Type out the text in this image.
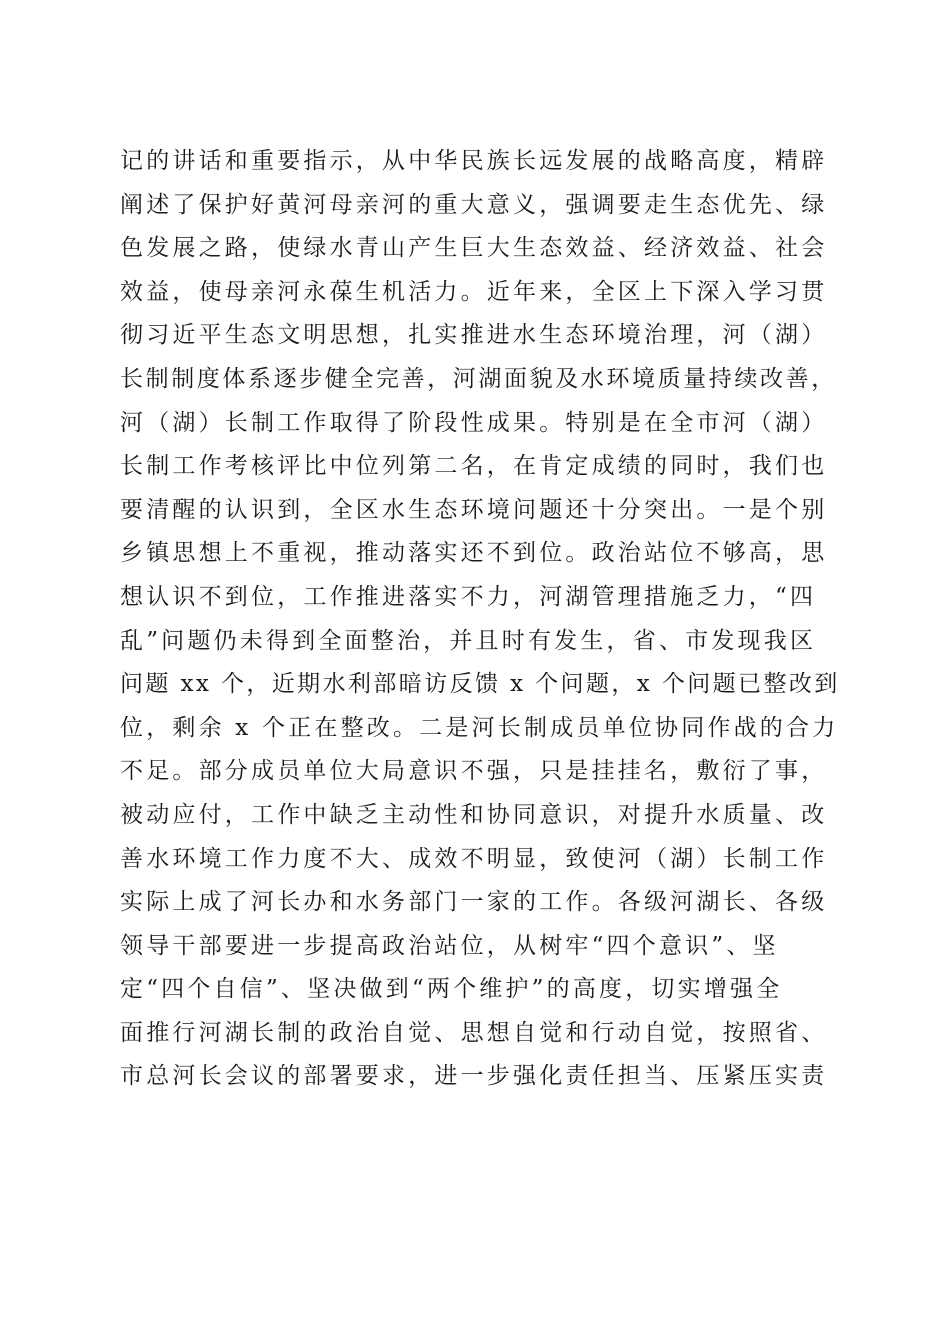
记的讲话和重要指示，从中华民族长远发展的战略高度，精辟
阐述了保护好黄河母亲河的重大意义，强调要走生态优先、绿
色发展之路，使绿水青山产生巨大生态效益、经济效益、社会
效益，使母亲河永葆生机活力。近年来，全区上下深入学习贯
彻习近平生态文明思想，扎实推进水生态环境治理，河（湖）
长制制度体系逐步健全完善，河湖面貌及水环境质量持续改善，
河（湖）长制工作取得了阶段性成果。特别是在全市河（湖）
长制工作考核评比中位列第二名，在肯定成绩的同时，我们也
要清醒的认识到，全区水生态环境问题还十分突出。一是个别
乡镇思想上不重视，推动落实还不到位。政治站位不够高，思
想认识不到位，工作推进落实不力，河湖管理措施乏力，“四
乱”问题仍未得到全面整治，并且时有发生，省、市发现我区
问题 xx 个，近期水利部暗访反馈 x 个问题，x 个问题已整改到
位，剩余 x 个正在整改。二是河长制成员单位协同作战的合力
不足。部分成员单位大局意识不强，只是挂挂名，敷衍了事，
被动应付，工作中缺乏主动性和协同意识，对提升水质量、改
善水环境工作力度不大、成效不明显，致使河（湖）长制工作
实际上成了河长办和水务部门一家的工作。各级河湖长、各级
领导干部要进一步提高政治站位，从树牢“四个意识”、坚
定“四个自信”、坚决做到“两个维护”的高度，切实增强全
面推行河湖长制的政治自觉、思想自觉和行动自觉，按照省、
市总河长会议的部署要求，进一步强化责任担当、压紧压实责
